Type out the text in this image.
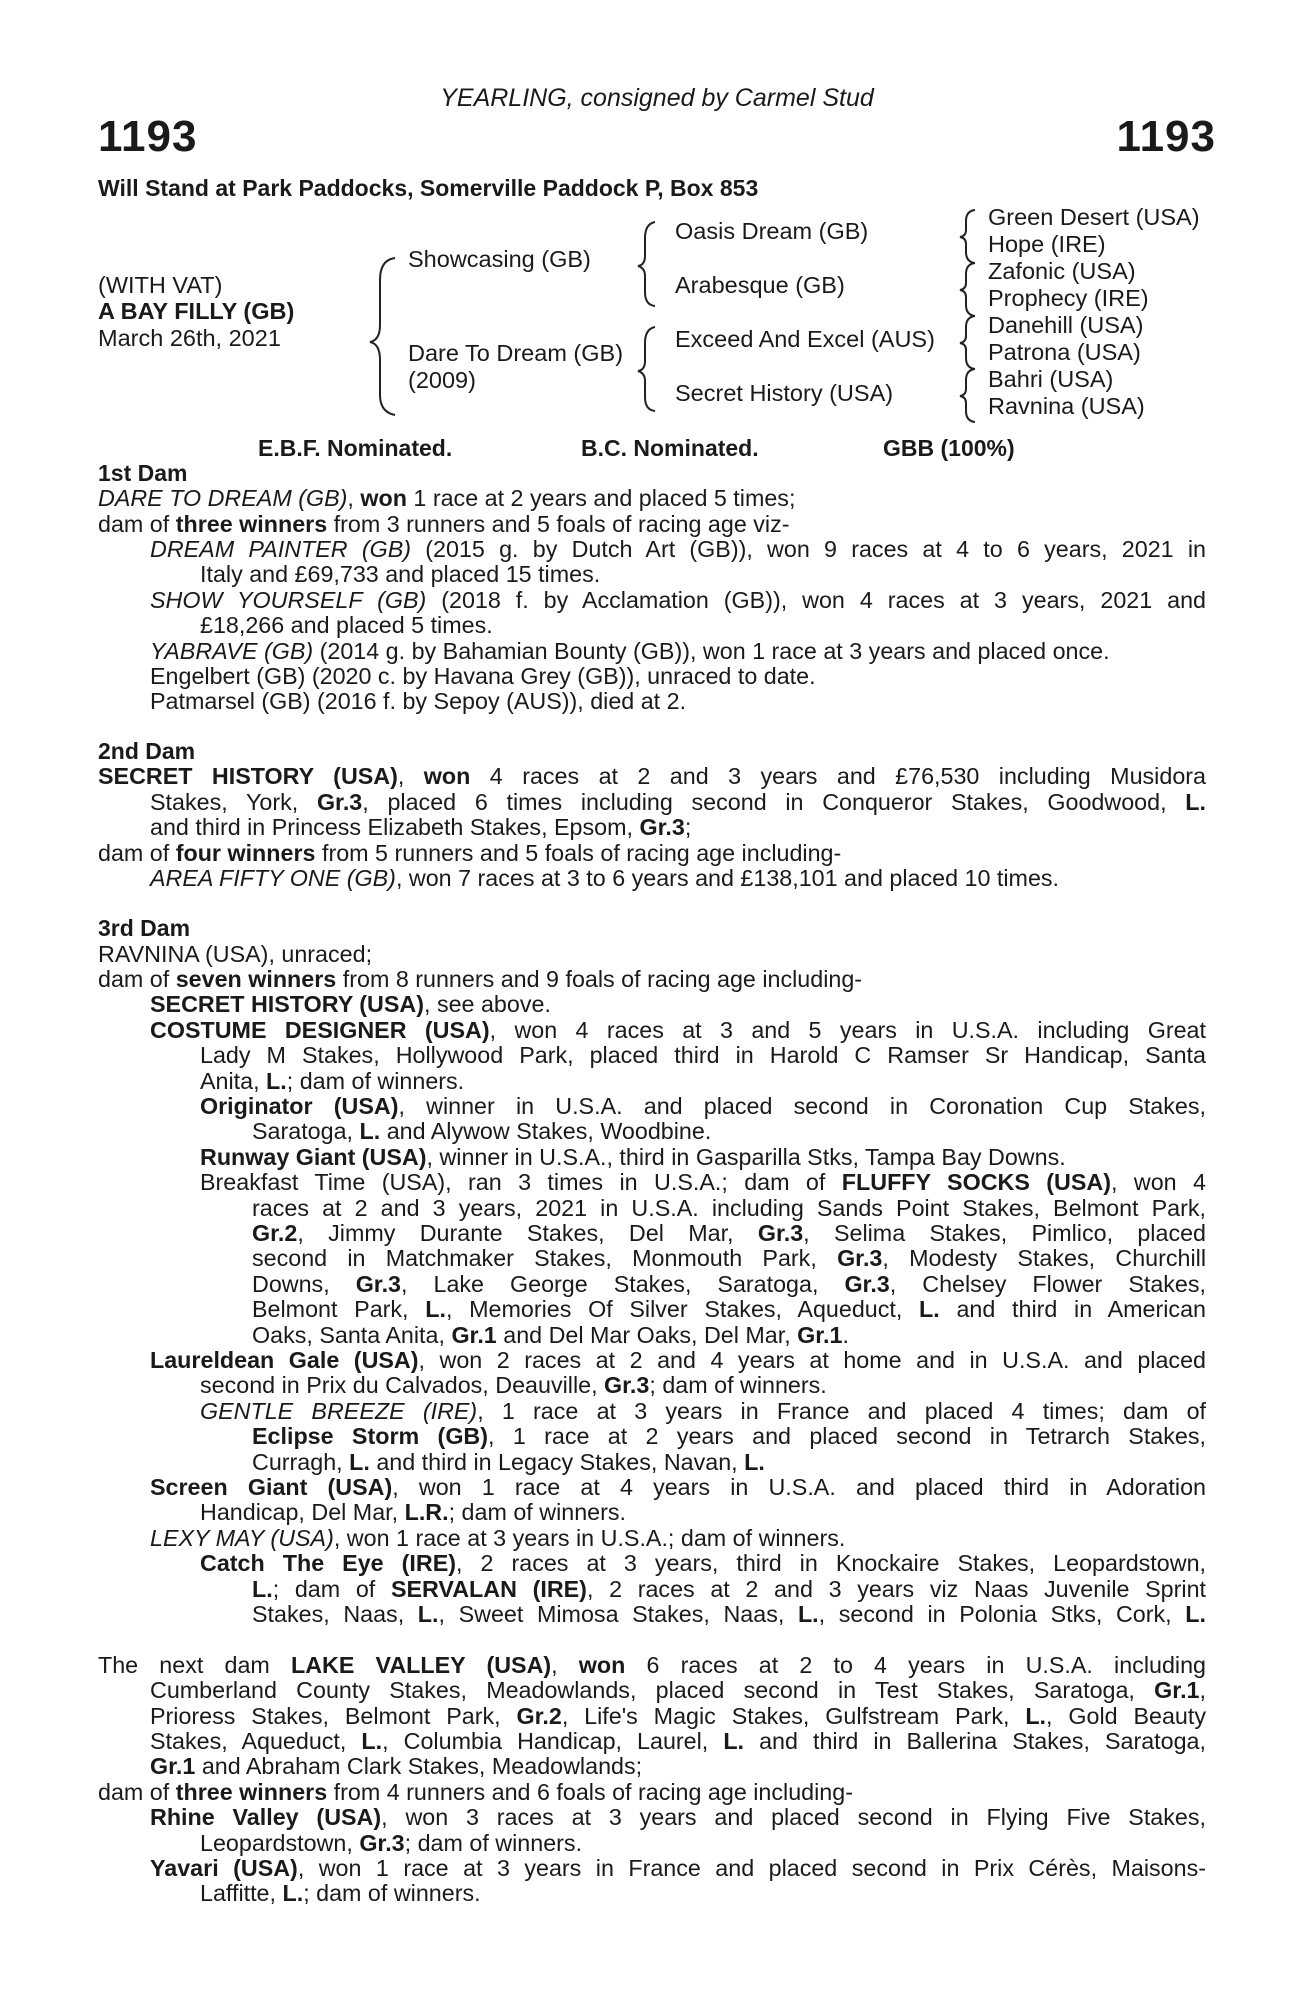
YEARLING, consigned by Carmel Stud
1193	1193
Will Stand at Park Paddocks, Somerville Paddock P, Box 853
(WITH VAT)
A BAY FILLY (GB)
March 26th, 2021
Showcasing (GB)
Dare To Dream (GB)
(2009)
Oasis Dream (GB)
Arabesque (GB)
Exceed And Excel (AUS)
Secret History (USA)
Green Desert (USA)
Hope (IRE)
Zafonic (USA)
Prophecy (IRE)
Danehill (USA)
Patrona (USA)
Bahri (USA)
Ravnina (USA)
E.B.F. Nominated.	B.C. Nominated.	GBB (100%)
1st Dam
DARE TO DREAM (GB), won 1 race at 2 years and placed 5 times;
dam of three winners from 3 runners and 5 foals of racing age viz-
DREAM PAINTER (GB) (2015 g. by Dutch Art (GB)), won 9 races at 4 to 6 years, 2021 in
Italy and £69,733 and placed 15 times.
SHOW YOURSELF (GB) (2018 f. by Acclamation (GB)), won 4 races at 3 years, 2021 and
£18,266 and placed 5 times.
YABRAVE (GB) (2014 g. by Bahamian Bounty (GB)), won 1 race at 3 years and placed once.
Engelbert (GB) (2020 c. by Havana Grey (GB)), unraced to date.
Patmarsel (GB) (2016 f. by Sepoy (AUS)), died at 2.
2nd Dam
SECRET HISTORY (USA), won 4 races at 2 and 3 years and £76,530 including Musidora
Stakes, York, Gr.3, placed 6 times including second in Conqueror Stakes, Goodwood, L.
and third in Princess Elizabeth Stakes, Epsom, Gr.3;
dam of four winners from 5 runners and 5 foals of racing age including-
AREA FIFTY ONE (GB), won 7 races at 3 to 6 years and £138,101 and placed 10 times.
3rd Dam
RAVNINA (USA), unraced;
dam of seven winners from 8 runners and 9 foals of racing age including-
SECRET HISTORY (USA), see above.
COSTUME DESIGNER (USA), won 4 races at 3 and 5 years in U.S.A. including Great
Lady M Stakes, Hollywood Park, placed third in Harold C Ramser Sr Handicap, Santa
Anita, L.; dam of winners.
Originator (USA), winner in U.S.A. and placed second in Coronation Cup Stakes,
Saratoga, L. and Alywow Stakes, Woodbine.
Runway Giant (USA), winner in U.S.A., third in Gasparilla Stks, Tampa Bay Downs.
Breakfast Time (USA), ran 3 times in U.S.A.; dam of FLUFFY SOCKS (USA), won 4
races at 2 and 3 years, 2021 in U.S.A. including Sands Point Stakes, Belmont Park,
Gr.2, Jimmy Durante Stakes, Del Mar, Gr.3, Selima Stakes, Pimlico, placed
second in Matchmaker Stakes, Monmouth Park, Gr.3, Modesty Stakes, Churchill
Downs, Gr.3, Lake George Stakes, Saratoga, Gr.3, Chelsey Flower Stakes,
Belmont Park, L., Memories Of Silver Stakes, Aqueduct, L. and third in American
Oaks, Santa Anita, Gr.1 and Del Mar Oaks, Del Mar, Gr.1.
Laureldean Gale (USA), won 2 races at 2 and 4 years at home and in U.S.A. and placed
second in Prix du Calvados, Deauville, Gr.3; dam of winners.
GENTLE BREEZE (IRE), 1 race at 3 years in France and placed 4 times; dam of
Eclipse Storm (GB), 1 race at 2 years and placed second in Tetrarch Stakes,
Curragh, L. and third in Legacy Stakes, Navan, L.
Screen Giant (USA), won 1 race at 4 years in U.S.A. and placed third in Adoration
Handicap, Del Mar, L.R.; dam of winners.
LEXY MAY (USA), won 1 race at 3 years in U.S.A.; dam of winners.
Catch The Eye (IRE), 2 races at 3 years, third in Knockaire Stakes, Leopardstown,
L.; dam of SERVALAN (IRE), 2 races at 2 and 3 years viz Naas Juvenile Sprint
Stakes, Naas, L., Sweet Mimosa Stakes, Naas, L., second in Polonia Stks, Cork, L.
The next dam LAKE VALLEY (USA), won 6 races at 2 to 4 years in U.S.A. including
Cumberland County Stakes, Meadowlands, placed second in Test Stakes, Saratoga, Gr.1,
Prioress Stakes, Belmont Park, Gr.2, Life's Magic Stakes, Gulfstream Park, L., Gold Beauty
Stakes, Aqueduct, L., Columbia Handicap, Laurel, L. and third in Ballerina Stakes, Saratoga,
Gr.1 and Abraham Clark Stakes, Meadowlands;
dam of three winners from 4 runners and 6 foals of racing age including-
Rhine Valley (USA), won 3 races at 3 years and placed second in Flying Five Stakes,
Leopardstown, Gr.3; dam of winners.
Yavari (USA), won 1 race at 3 years in France and placed second in Prix Cérès, Maisons-
Laffitte, L.; dam of winners.
